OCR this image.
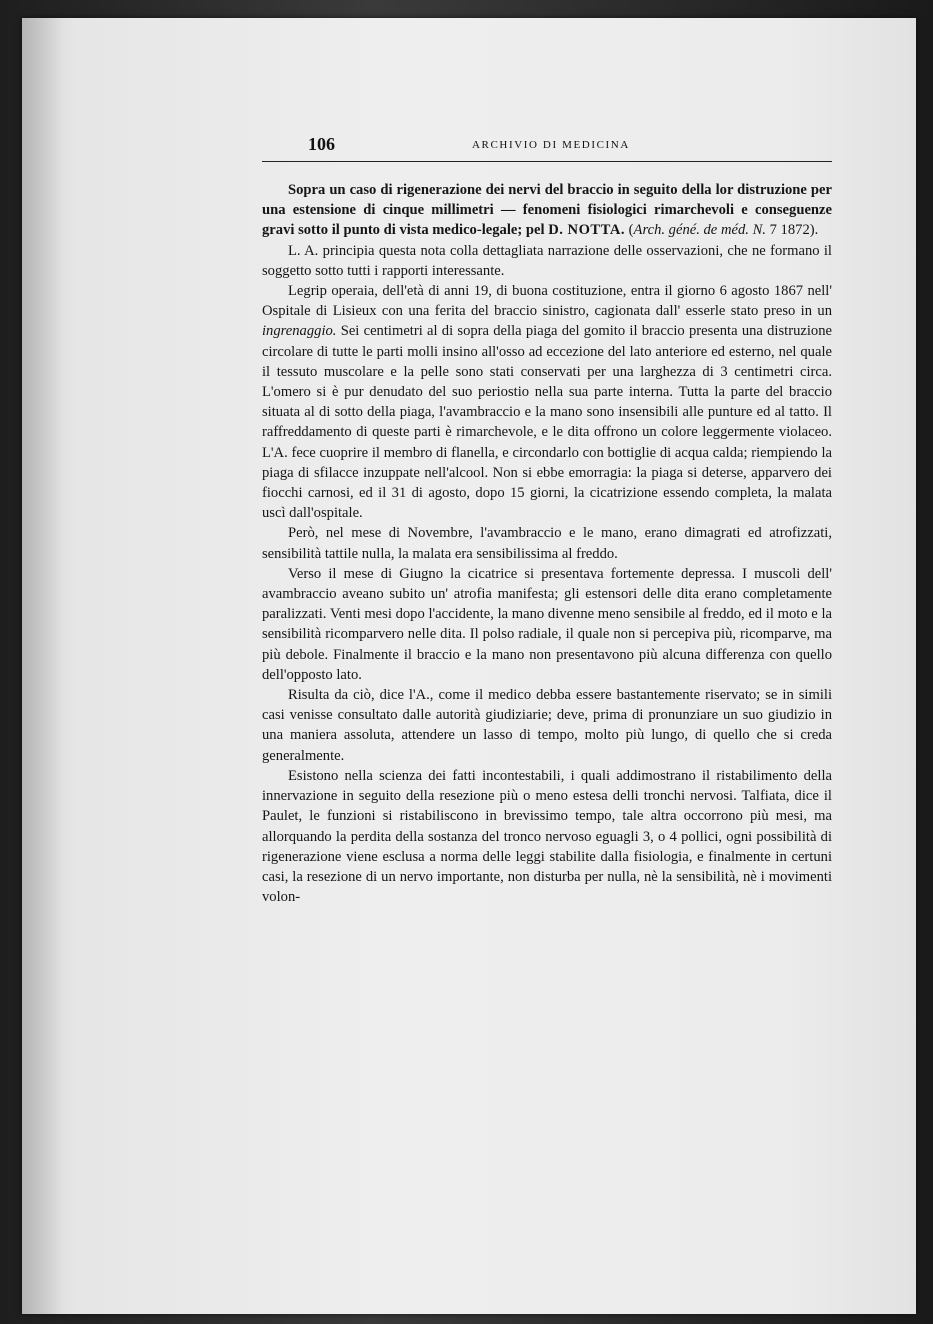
106	ARCHIVIO DI MEDICINA

Sopra un caso di rigenerazione dei nervi del braccio in seguito della lor distruzione per una estensione di cinque millimetri — fenomeni fisiologici rimarchevoli e conseguenze gravi sotto il punto di vista medico-legale; pel D. NOTTA. (Arch. géné. de méd. N. 7 1872).

L. A. principia questa nota colla dettagliata narrazione delle osservazioni, che ne formano il soggetto sotto tutti i rapporti interessante.

Legrip operaia, dell'età di anni 19, di buona costituzione, entra il giorno 6 agosto 1867 nell' Ospitale di Lisieux con una ferita del braccio sinistro, cagionata dall' esserle stato preso in un ingrenaggio. Sei centimetri al di sopra della piaga del gomito il braccio presenta una distruzione circolare di tutte le parti molli insino all'osso ad eccezione del lato anteriore ed esterno, nel quale il tessuto muscolare e la pelle sono stati conservati per una larghezza di 3 centimetri circa. L'omero si è pur denudato del suo periostio nella sua parte interna. Tutta la parte del braccio situata al di sotto della piaga, l'avambraccio e la mano sono insensibili alle punture ed al tatto. Il raffreddamento di queste parti è rimarchevole, e le dita offrono un colore leggermente violaceo. L'A. fece cuoprire il membro di flanella, e circondarlo con bottiglie di acqua calda; riempiendo la piaga di sfilacce inzuppate nell'alcool. Non si ebbe emorragia: la piaga si deterse, apparvero dei fiocchi carnosi, ed il 31 di agosto, dopo 15 giorni, la cicatrizione essendo completa, la malata uscì dall'ospitale.

Però, nel mese di Novembre, l'avambraccio e le mano, erano dimagrati ed atrofizzati, sensibilità tattile nulla, la malata era sensibilissima al freddo.

Verso il mese di Giugno la cicatrice si presentava fortemente depressa. I muscoli dell' avambraccio aveano subito un' atrofia manifesta; gli estensori delle dita erano completamente paralizzati. Venti mesi dopo l'accidente, la mano divenne meno sensibile al freddo, ed il moto e la sensibilità ricomparvero nelle dita. Il polso radiale, il quale non si percepiva più, ricomparve, ma più debole. Finalmente il braccio e la mano non presentavono più alcuna differenza con quello dell'opposto lato.

Risulta da ciò, dice l'A., come il medico debba essere bastantemente riservato; se in simili casi venisse consultato dalle autorità giudiziarie; deve, prima di pronunziare un suo giudizio in una maniera assoluta, attendere un lasso di tempo, molto più lungo, di quello che si creda generalmente.

Esistono nella scienza dei fatti incontestabili, i quali addimostrano il ristabilimento della innervazione in seguito della resezione più o meno estesa delli tronchi nervosi. Talfiata, dice il Paulet, le funzioni si ristabiliscono in brevissimo tempo, tale altra occorrono più mesi, ma allorquando la perdita della sostanza del tronco nervoso eguagli 3, o 4 pollici, ogni possibilità di rigenerazione viene esclusa a norma delle leggi stabilite dalla fisiologia, e finalmente in certuni casi, la resezione di un nervo importante, non disturba per nulla, nè la sensibilità, nè i movimenti volon-
